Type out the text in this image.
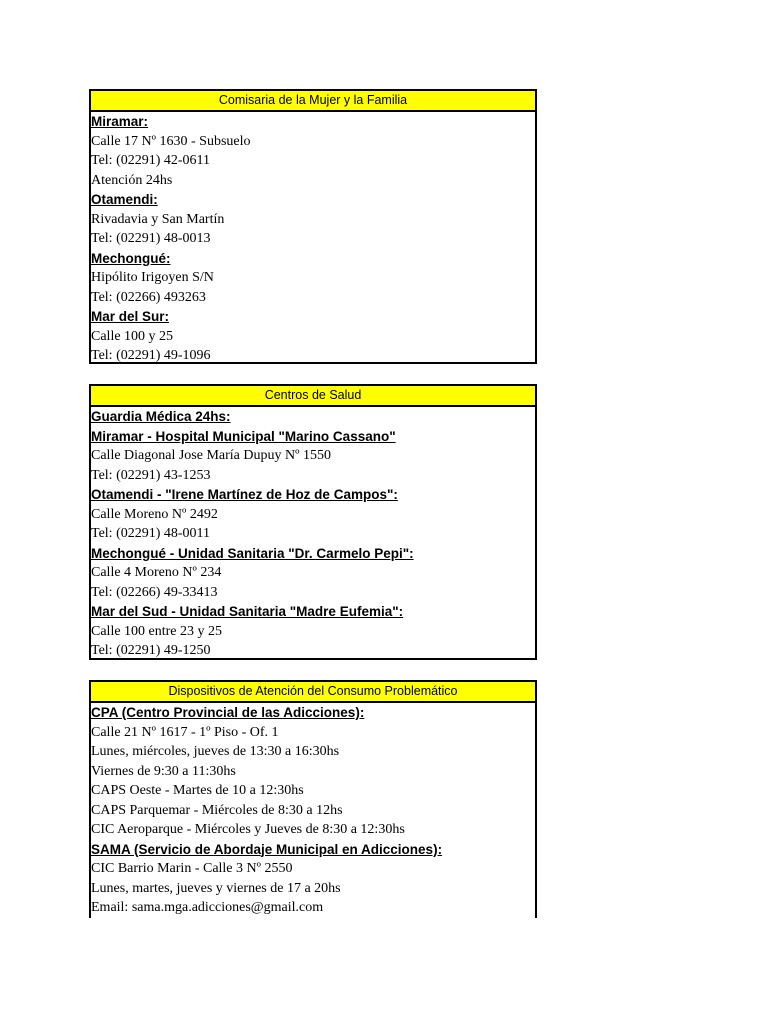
Comisaria de la Mujer y la Familia
Miramar:
Calle 17 Nº 1630 - Subsuelo
Tel: (02291) 42-0611
Atención 24hs
Otamendi:
Rivadavia y San Martín
Tel: (02291) 48-0013
Mechongué:
Hipólito Irigoyen S/N
Tel: (02266) 493263
Mar del Sur:
Calle 100 y 25
Tel: (02291) 49-1096
Centros de Salud
Guardia Médica 24hs:
Miramar - Hospital Municipal "Marino Cassano"
Calle Diagonal Jose María Dupuy Nº 1550
Tel: (02291) 43-1253
Otamendi - "Irene Martínez de Hoz de Campos":
Calle Moreno Nº 2492
Tel: (02291) 48-0011
Mechongué - Unidad Sanitaria "Dr. Carmelo Pepi":
Calle 4 Moreno Nº 234
Tel: (02266) 49-33413
Mar del Sud - Unidad Sanitaria "Madre Eufemia":
Calle 100 entre 23 y 25
Tel: (02291) 49-1250
Dispositivos de Atención del Consumo Problemático
CPA (Centro Provincial de las Adicciones):
Calle 21 Nº 1617 - 1º Piso - Of. 1
Lunes, miércoles, jueves de 13:30 a 16:30hs
Viernes de 9:30 a 11:30hs
CAPS Oeste - Martes de 10 a 12:30hs
CAPS Parquemar - Miércoles de 8:30 a 12hs
CIC Aeroparque - Miércoles y Jueves de 8:30 a 12:30hs
SAMA (Servicio de Abordaje Municipal en Adicciones):
CIC Barrio Marin - Calle 3 Nº 2550
Lunes, martes, jueves y viernes de 17 a 20hs
Email: sama.mga.adicciones@gmail.com
